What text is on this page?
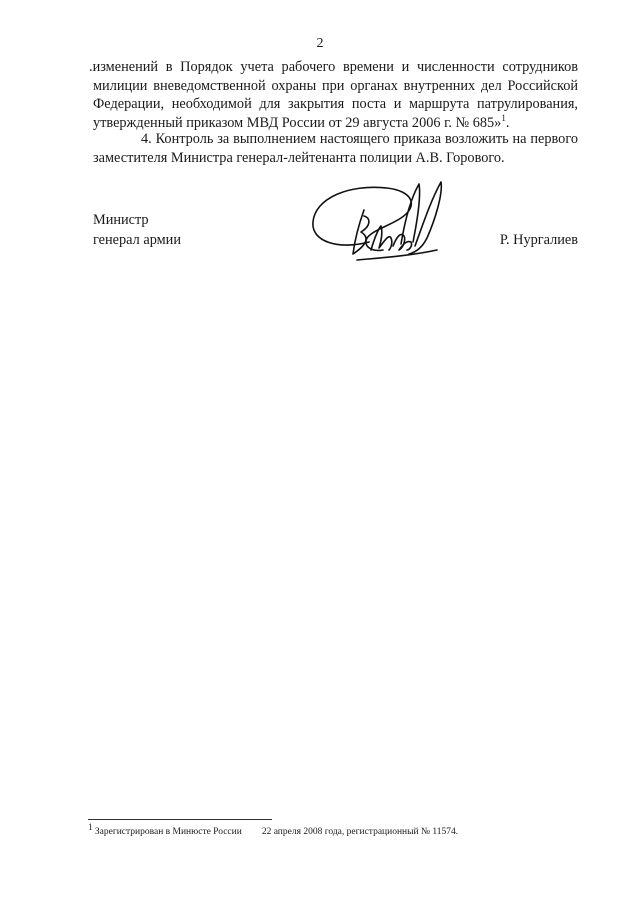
2
.изменений в Порядок учета рабочего времени и численности сотрудников милиции вневедомственной охраны при органах внутренних дел Российской Федерации, необходимой для закрытия поста и маршрута патрулирования, утвержденный приказом МВД России от 29 августа 2006 г. № 685»$^1$.
4. Контроль за выполнением настоящего приказа возложить на первого заместителя Министра генерал-лейтенанта полиции А.В. Горового.
Министр
генерал армии	Р. Нургалиев
$^1$ Зарегистрирован в Минюсте России 22 апреля 2008 года, регистрационный № 11574.
